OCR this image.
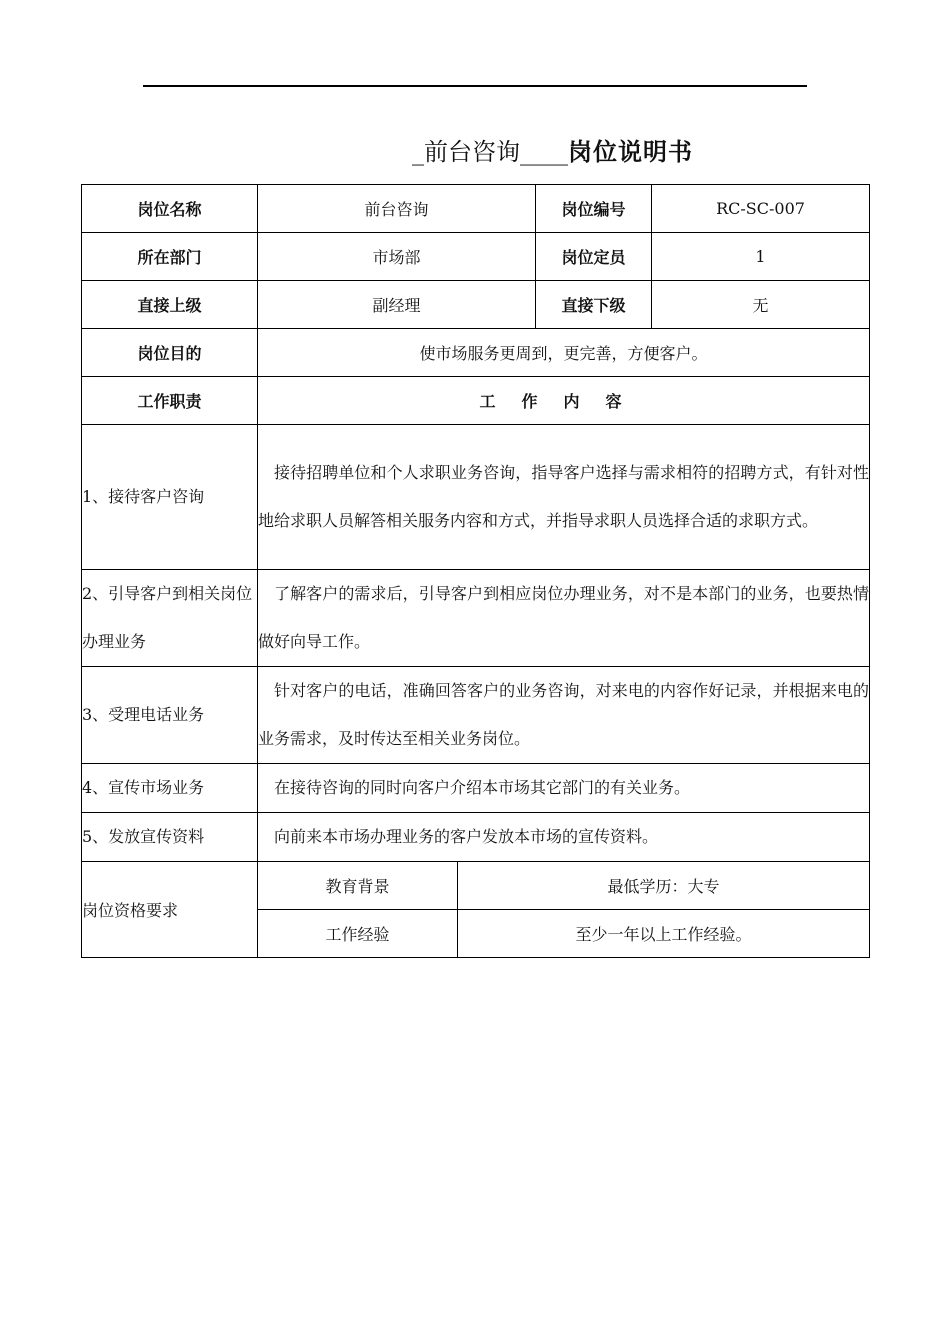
_前台咨询____岗位说明书
岗位名称	前台咨询		岗位编号	RC-SC-007
所在部门	市场部		岗位定员	1
直接上级	副经理		直接下级	无
岗位目的	使市场服务更周到，更完善，方便客户。			
工作职责	工作内容			
1、接待客户咨询	接待招聘单位和个人求职业务咨询，指导客户选择与需求相符的招聘方式，有针对性地给求职人员解答相关服务内容和方式，并指导求职人员选择合适的求职方式。			

2、引导客户到相关岗位办理业务	了解客户的需求后，引导客户到相应岗位办理业务，对不是本部门的业务，也要热情做好向导工作。			

3、受理电话业务	针对客户的电话，准确回答客户的业务咨询，对来电的内容作好记录，并根据来电的业务需求，及时传达至相关业务岗位。			

4、宣传市场业务	在接待咨询的同时向客户介绍本市场其它部门的有关业务。			

5、发放宣传资料	向前来本市场办理业务的客户发放本市场的宣传资料。			

岗位资格要求	教育背景	最低学历：大专		
	工作经验	至少一年以上工作经验。		
